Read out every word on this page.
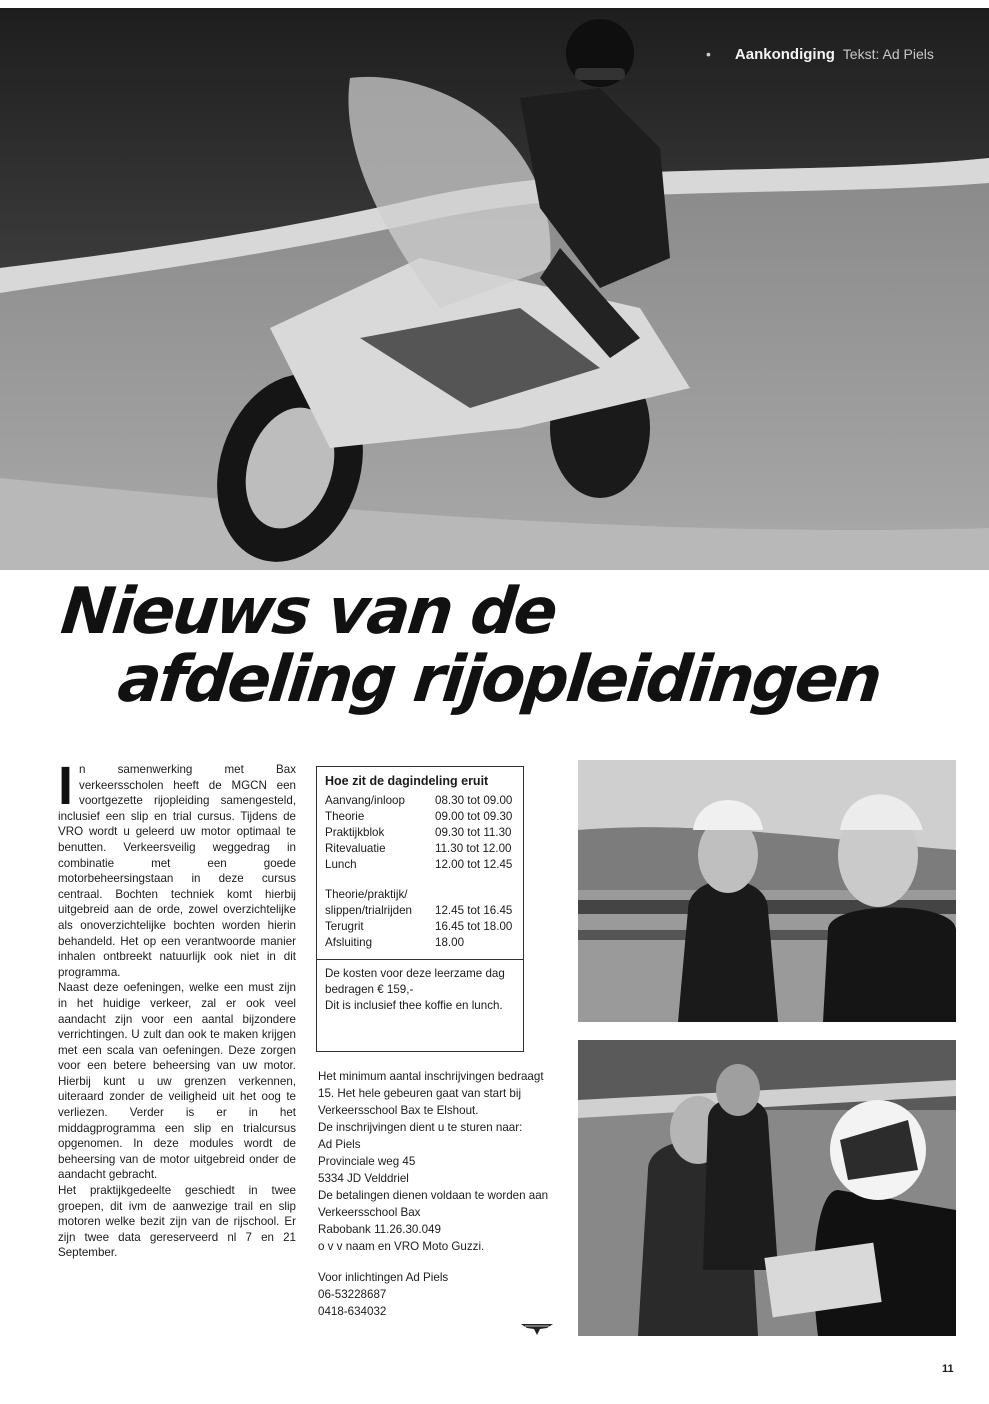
• Aankondiging Tekst: Ad Piels
Nieuws van de
afdeling rijopleidingen

In samenwerking met Bax verkeersscholen heeft de MGCN een voortgezette rijopleiding samengesteld, inclusief een slip en trial cursus. Tijdens de VRO wordt u geleerd uw motor optimaal te benutten. Verkeersveilig weggedrag in combinatie met een goede motorbeheersingstaan in deze cursus centraal. Bochten techniek komt hierbij uitgebreid aan de orde, zowel overzichtelijke als onoverzichtelijke bochten worden hierin behandeld. Het op een verantwoorde manier inhalen ontbreekt natuurlijk ook niet in dit programma.

Naast deze oefeningen, welke een must zijn in het huidige verkeer, zal er ook veel aandacht zijn voor een aantal bijzondere verrichtingen. U zult dan ook te maken krijgen met een scala van oefeningen. Deze zorgen voor een betere beheersing van uw motor. Hierbij kunt u uw grenzen verkennen, uiteraard zonder de veiligheid uit het oog te verliezen. Verder is er in het middagprogramma een slip en trialcursus opgenomen. In deze modules wordt de beheersing van de motor uitgebreid onder de aandacht gebracht.

Het praktijkgedeelte geschiedt in twee groepen, dit ivm de aanwezige trail en slip motoren welke bezit zijn van de rijschool. Er zijn twee data gereserveerd nl 7 en 21 September.

Hoe zit de dagindeling eruit
Aanvang/inloop	08.30 tot 09.00
Theorie	09.00 tot 09.30
Praktijkblok	09.30 tot 11.30
Ritevaluatie	11.30 tot 12.00
Lunch	12.00 tot 12.45
Theorie/praktijk/
slippen/trialrijden 12.45 tot 16.45
Terugrit	16.45 tot 18.00
Afsluiting	18.00
De kosten voor deze leerzame dag
bedragen € 159,-
Dit is inclusief thee koffie en lunch.

Het minimum aantal inschrijvingen bedraagt 15. Het hele gebeuren gaat van start bij Verkeersschool Bax te Elshout.

De inschrijvingen dient u te sturen naar:

Ad Piels

Provinciale weg 45

5334 JD Velddriel

De betalingen dienen voldaan te worden aan Verkeersschool Bax

Rabobank 11.26.30.049

o v v naam en VRO Moto Guzzi.

Voor inlichtingen Ad Piels

06-53228687

0418-634032

11
